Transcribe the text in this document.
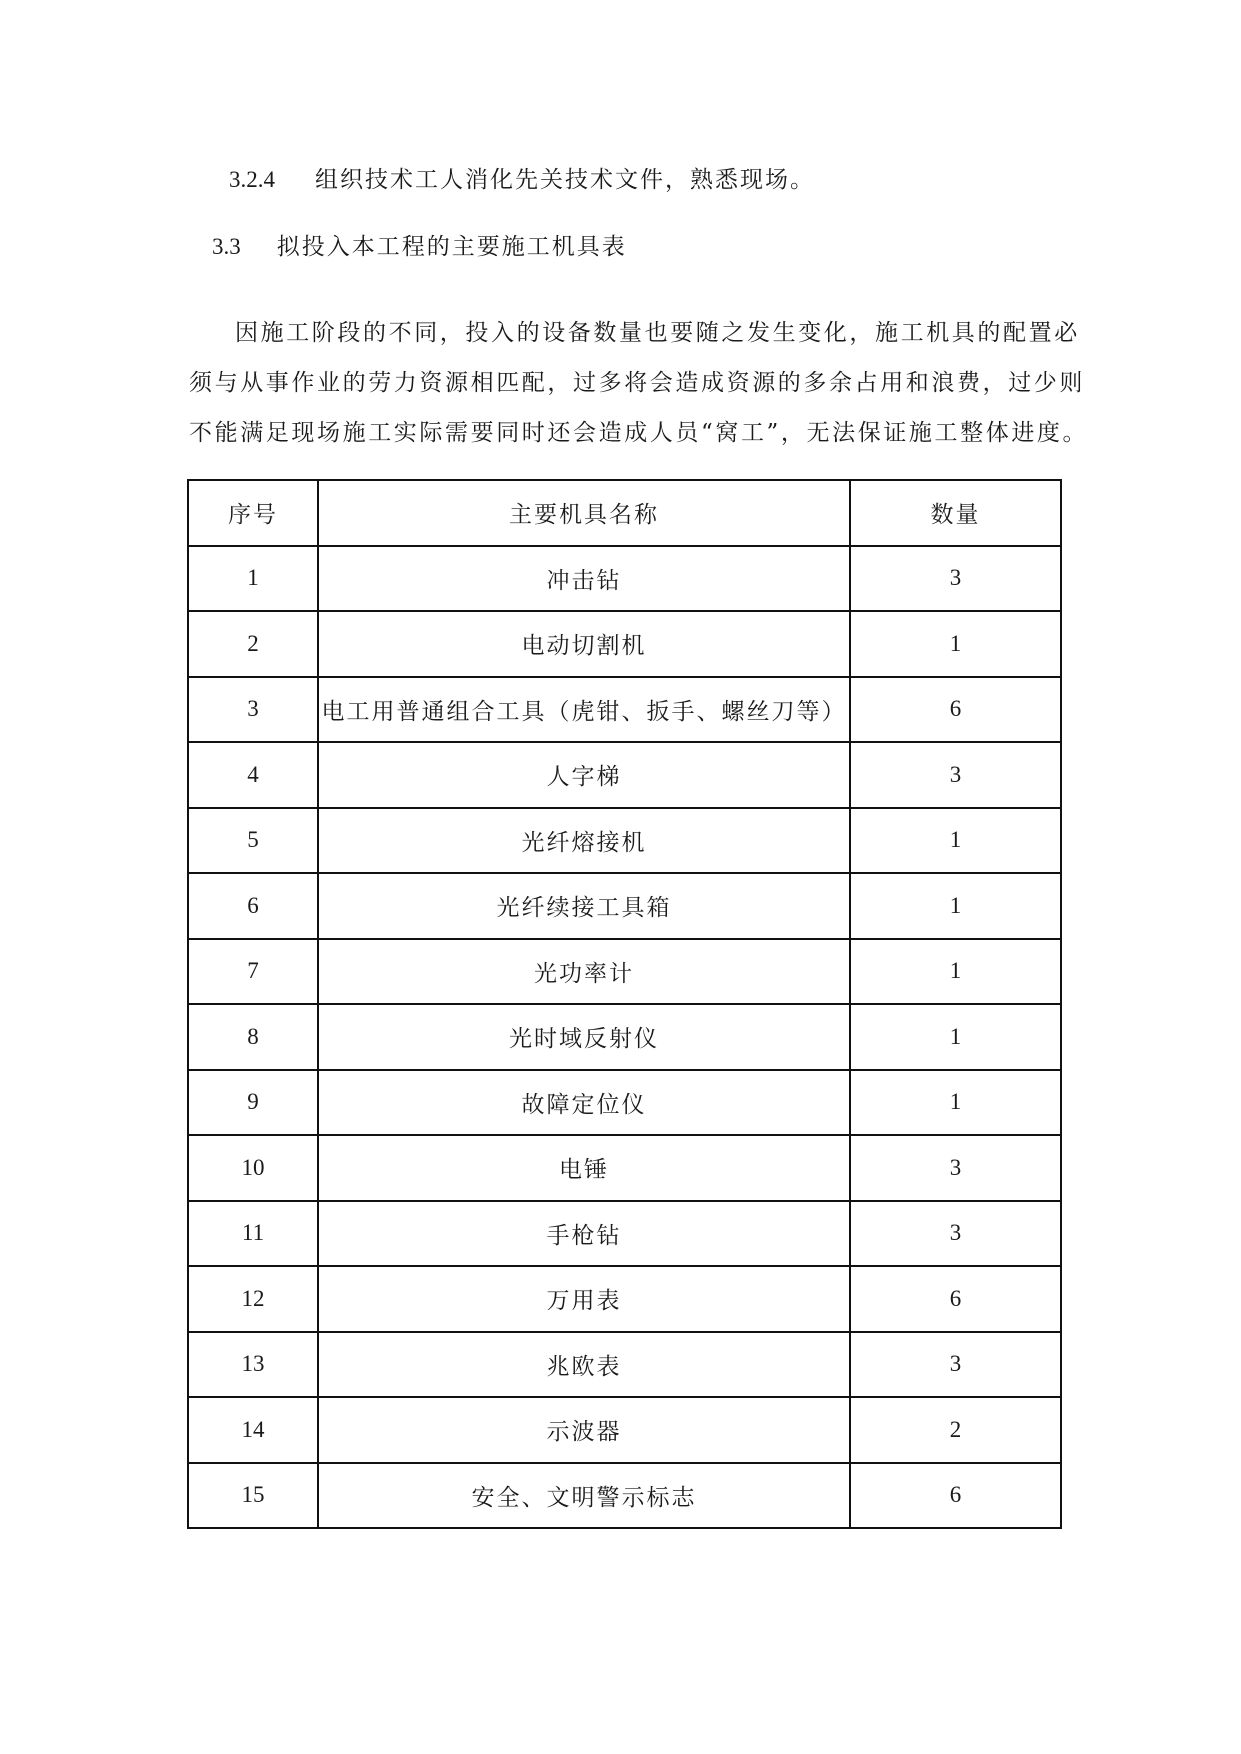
3.2.4 组织技术工人消化先关技术文件，熟悉现场。
3.3 拟投入本工程的主要施工机具表
因施工阶段的不同，投入的设备数量也要随之发生变化，施工机具的配置必
须与从事作业的劳力资源相匹配，过多将会造成资源的多余占用和浪费，过少则
不能满足现场施工实际需要同时还会造成人员“窝工”，无法保证施工整体进度。
序号	主要机具名称	数量
1	冲击钻	3
2	电动切割机	1
3	电工用普通组合工具（虎钳、扳手、螺丝刀等）	6
4	人字梯	3
5	光纤熔接机	1
6	光纤续接工具箱	1
7	光功率计	1
8	光时域反射仪	1
9	故障定位仪	1
10	电锤	3
11	手枪钻	3
12	万用表	6
13	兆欧表	3
14	示波器	2
15	安全、文明警示标志	6
